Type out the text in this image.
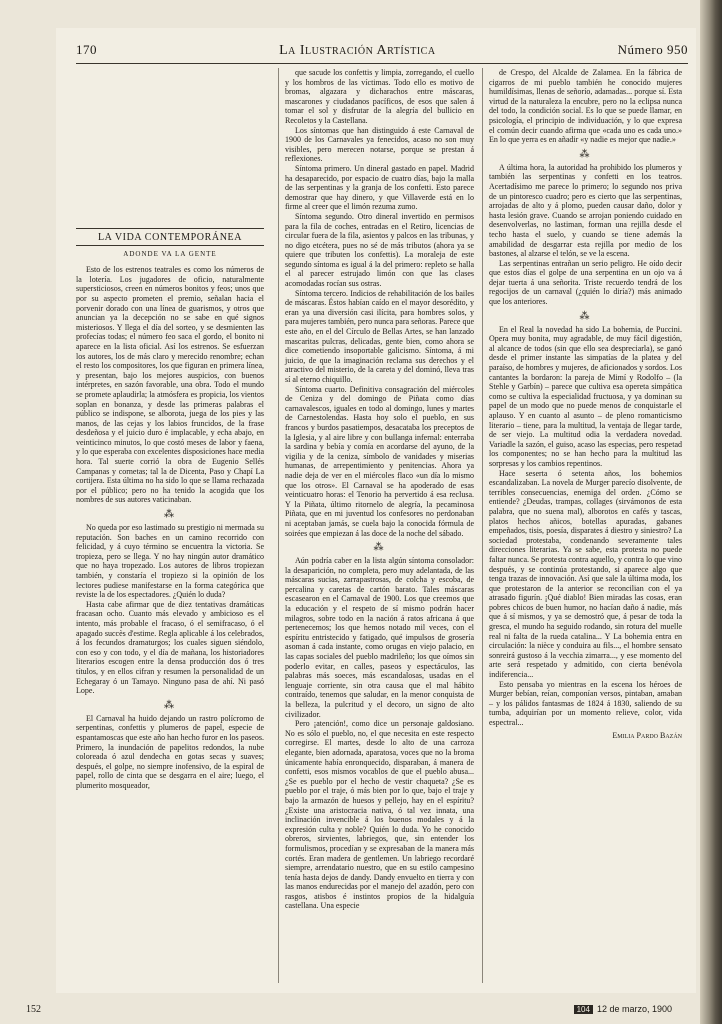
170	La Ilustración Artística	Número 950
LA VIDA CONTEMPORÁNEA
ADONDE VA LA GENTE

Esto de los estrenos teatrales es como los números de la lotería. Los jugadores de oficio, naturalmente supersticiosos, creen en números bonitos y feos; unos que por su aspecto prometen el premio, señalan hacia el porvenir dorado con una línea de guarismos, y otros que anuncian ya la decepción no se sabe en qué signos misteriosos. Y llega el día del sorteo, y se desmienten las profecías todas; el número feo saca el gordo, el bonito ni aparece en la lista oficial. Así los estrenos. Se esfuerzan los autores, los de más claro y merecido renombre; echan el resto los compositores, los que figuran en primera línea, y presentan, bajo los mejores auspicios, con buenos intérpretes, en sazón favorable, una obra. Todo el mundo se promete aplaudirla; la atmósfera es propicia, los vientos soplan en bonanza, y desde las primeras palabras el público se indispone, se alborota, juega de los pies y las manos, de las cejas y los labios fruncidos, de la frase desdeñosa y el juicio duro é implacable, y echa abajo, en veinticinco minutos, lo que costó meses de labor y faena, y lo que esperaba con excelentes disposiciones hace media hora. Tal suerte corrió la obra de Eugenio Sellés Campanas y cornetas; tal la de Dicenta, Paso y Chapí La cortijera. Esta última no ha sido lo que se llama rechazada por el público; pero no ha tenido la acogida que los nombres de sus autores vaticinaban.

⁂

No queda por eso lastimado su prestigio ni mermada su reputación. Son baches en un camino recorrido con felicidad, y á cuyo término se encuentra la victoria. Se tropieza, pero se llega. Y no hay ningún autor dramático que no haya tropezado. Los autores de libros tropiezan también, y constaría el tropiezo si la opinión de los lectores pudiese manifestarse en la forma categórica que reviste la de los espectadores. ¿Quién lo duda?

Hasta cabe afirmar que de diez tentativas dramáticas fracasan ocho. Cuanto más elevado y ambicioso es el intento, más probable el fracaso, ó el semifracaso, ó el apagado succès d'estime. Regla aplicable á los celebrados, á los fecundos dramaturgos; los cuales siguen siéndolo, con eso y con todo, y el día de mañana, los historiadores literarios escogen entre la densa producción dos ó tres títulos, y en ellos cifran y resumen la personalidad de un Echegaray ó un Tamayo. Ninguno pasa de ahí. Ni pasó Lope.

⁂

El Carnaval ha huido dejando un rastro polícromo de serpentinas, confettis y plumeros de papel, especie de espantamoscas que este año han hecho furor en los paseos. Primero, la inundación de papelitos redondos, la nube coloreada ó azul dendecha en gotas secas y suaves; después, el golpe, no siempre inofensivo, de la espiral de papel, rollo de cinta que se desgarra en el aire; luego, el plumerito mosqueador,

que sacude los confettis y limpia, zorregando, el cuello y los hombros de las víctimas. Todo ello es motivo de bromas, algazara y dicharachos entre máscaras, mascarones y ciudadanos pacíficos, de esos que salen á tomar el sol y disfrutar de la alegría del bullicio en Recoletos y la Castellana.

Los síntomas que han distinguido á este Carnaval de 1900 de los Carnavales ya fenecidos, acaso no son muy visibles, pero merecen notarse, porque se prestan á reflexiones.

Síntoma primero. Un dineral gastado en papel. Madrid ha desaparecido, por espacio de cuatro días, bajo la malla de las serpentinas y la granja de los confetti. Esto parece demostrar que hay dinero, y que Villaverde está en lo firme al creer que el limón rezuma zumo.

Síntoma segundo. Otro dineral invertido en permisos para la fila de coches, entradas en el Retiro, licencias de circular fuera de la fila, asientos y palcos en las tribunas, y no digo etcétera, pues no sé de más tributos (ahora ya se quiere que tributen los confettis). La moraleja de este segundo síntoma es igual á la del primero: repleto se halla el al parecer estrujado limón con que las clases acomodadas rocían sus ostras.

Síntoma tercero. Indicios de rehabilitación de los bailes de máscaras. Éstos habían caído en el mayor desorédito, y eran ya una diversión casi ilícita, para hombres solos, y para mujeres también, pero nunca para señoras. Parece que este año, en el del Círculo de Bellas Artes, se han lanzado mascaritas pulcras, delicadas, gente bien, como ahora se dice cometiendo insoportable galicismo. Síntoma, á mi juicio, de que la imaginación reclama sus derechos y el atractivo del misterio, de la careta y del dominó, lleva tras sí al eterno chiquillo.

Síntoma cuarto. Definitiva consagración del miércoles de Ceniza y del domingo de Piñata como días carnavalescos, iguales en todo al domingo, lunes y martes de Carnestolendas. Hasta hoy solo el pueblo, en sus francos y burdos pasatiempos, desacataba los preceptos de la Iglesia, y al aire libre y con bullanga infernal: enterraba la sardina y bebía y comía en acordarse del ayuno, de la vigilia y de la ceniza, símbolo de vanidades y miserias humanas, de arrepentimiento y penitencias. Ahora ya nadie deja de ver en el miércoles flaco «un día lo mismo que los otros». El Carnaval se ha apoderado de esas veinticuatro horas: el Tenorio ha pervertido á esa reclusa. Y la Piñata, último ritornelo de alegría, la pecaminosa Piñata, que en mi juventud los confesores no perdonaban ni aceptaban jamás, se cuela bajo la conocida fórmula de soirées que empiezan á las doce de la noche del sábado.

⁂

Aún podría caber en la lista algún síntoma consolador: la desaparición, no completa, pero muy adelantada, de las máscaras sucias, zarrapastrosas, de colcha y escoba, de percalina y caretas de cartón barato. Tales máscaras escasearon en el Carnaval de 1900. Los que creemos que la educación y el respeto de sí mismo podrán hacer milagros, sobre todo en la nación á ratos africana á que pertenecemos; los que hemos notado mil veces, con el espíritu entristecido y fatigado, qué impulsos de grosería asoman á cada instante, como orugas en viejo palacio, en las capas sociales del pueblo madrileño; los que oímos sin poderlo evitar, en calles, paseos y espectáculos, las palabras más soeces, más escandalosas, usadas en el lenguaje corriente, sin otra causa que el mal hábito contraído, tenemos que saludar, en la menor conquista de la belleza, la pulcritud y el decoro, un signo de alto civilizador.

Pero ¡atención!, como dice un personaje galdosiano. No es sólo el pueblo, no, el que necesita en este respecto corregirse. El martes, desde lo alto de una carroza elegante, bien adornada, aparatosa, voces que no la broma únicamente había enronquecido, disparaban, á manera de confetti, esos mismos vocablos de que el pueblo abusa... ¿Se es pueblo por el hecho de vestir chaqueta? ¿Se es pueblo por el traje, ó más bien por lo que, bajo el traje y bajo la armazón de huesos y pellejo, hay en el espíritu? ¿Existe una aristocracia nativa, ó tal vez innata, una inclinación invencible á los buenos modales y á la expresión culta y noble? Quién lo duda. Yo he conocido obreros, sirvientes, labriegos, que, sin entender los formulismos, procedían y se expresaban de la manera más cortés. Eran madera de gentlemen. Un labriego recordaré siempre, arrendatario nuestro, que en su estilo campesino tenía hasta dejos de dandy. Dandy envuelto en tierra y con las manos endurecidas por el manejo del azadón, pero con rasgos, atisbos é instintos propios de la hidalguía castellana. Una especie

de Crespo, del Alcalde de Zalamea. En la fábrica de cigarros de mi pueblo también he conocido mujeres humildísimas, llenas de señorío, adamadas... porque sí. Esta virtud de la naturaleza la encubre, pero no la eclipsa nunca del todo, la condición social. Es lo que se puede llamar, en psicología, el principio de individuación, y lo que expresa el común decir cuando afirma que «cada uno es cada uno.» En lo que yerra es en añadir «y nadie es mejor que nadie.»

⁂

A última hora, la autoridad ha prohibido los plumeros y también las serpentinas y confetti en los teatros. Acertadísimo me parece lo primero; lo segundo nos priva de un pintoresco cuadro; pero es cierto que las serpentinas, arrojadas de alto y á plomo, pueden causar daño, dolor y hasta lesión grave. Cuando se arrojan poniendo cuidado en desenvolverlas, no lastiman, forman una rejilla desde el techo hasta el suelo, y cuando se tiene además la amabilidad de desgarrar esta rejilla por medio de los bastones, al alzarse el telón, se ve la escena.

Las serpentinas entrañan un serio peligro. He oído decir que estos días el golpe de una serpentina en un ojo va á dejar tuerta á una señorita. Triste recuerdo tendrá de los regocijos de un carnaval (¿quién lo diría?) más animado que los anteriores.

⁂

En el Real la novedad ha sido La bohemia, de Puccini. Opera muy bonita, muy agradable, de muy fácil digestión, al alcance de todos (sin que ello sea despreciarla), se ganó desde el primer instante las simpatías de la platea y del paraíso, de hombres y mujeres, de aficionados y sordos. Los cantantes la bordaron: la pareja de Mimí y Rodolfo – (la Stehle y Garbín) – parece que cultiva esa opereta simpática como se cultiva la especialidad fructuosa, y ya dominan su papel de un modo que no puede menos de conquistarle el aplauso. Y en cuanto al asunto – de pleno romanticismo literario – tiene, para la multitud, la ventaja de llegar tarde, de ser viejo. La multitud odia la verdadera novedad. Variadle la sazón, el guiso, acaso las especias, pero respetad los componentes; no se han hecho para la multitud las sorpresas y los cambios repentinos.

Hace seserta ó setenta años, los bohemios escandalizaban. La novela de Murger parecío disolvente, de terribles consecuencias, enemiga del orden. ¿Cómo se entiende? ¿Deudas, trampas, collages (sirvámonos de esta palabra, que no suena mal), alborotos en cafés y tascas, platos hechos añicos, botellas apuradas, gabanes empeñados, tisis, poesía, disparates á diestro y siniestro? La sociedad protestaba, condenando severamente tales direcciones literarias. Ya se sabe, esta protesta no puede faltar nunca. Se protesta contra aquello, y contra lo que vino después, y se continúa protestando, si aparece algo que tenga trazas de innovación. Así que sale la última moda, los que protestaron de la anterior se reconcilian con el ya atrasado figurín. ¡Qué diablo! Bien miradas las cosas, eran pobres chicos de buen humor, no hacían daño á nadie, más que á sí mismos, y ya se demostró que, á pesar de toda la gresca, el mundo ha seguido rodando, sin rotura del muelle real ni falta de la rueda catalina... Y La bohemia entra en circulación: la nièce y conduira au fils..., el hombre sensato sonreirá gustoso á la vecchia zimarra..., y ese momento del arte será respetado y admitido, con cierta benévola indiferencia...

Esto pensaba yo mientras en la escena los héroes de Murger bebían, reían, componían versos, pintaban, amaban – y los pálidos fantasmas de 1824 á 1830, saliendo de su tumba, adquirían por un momento relieve, color, vida espectral...

Emilia Pardo Bazán
152	104 12 de marzo, 1900
